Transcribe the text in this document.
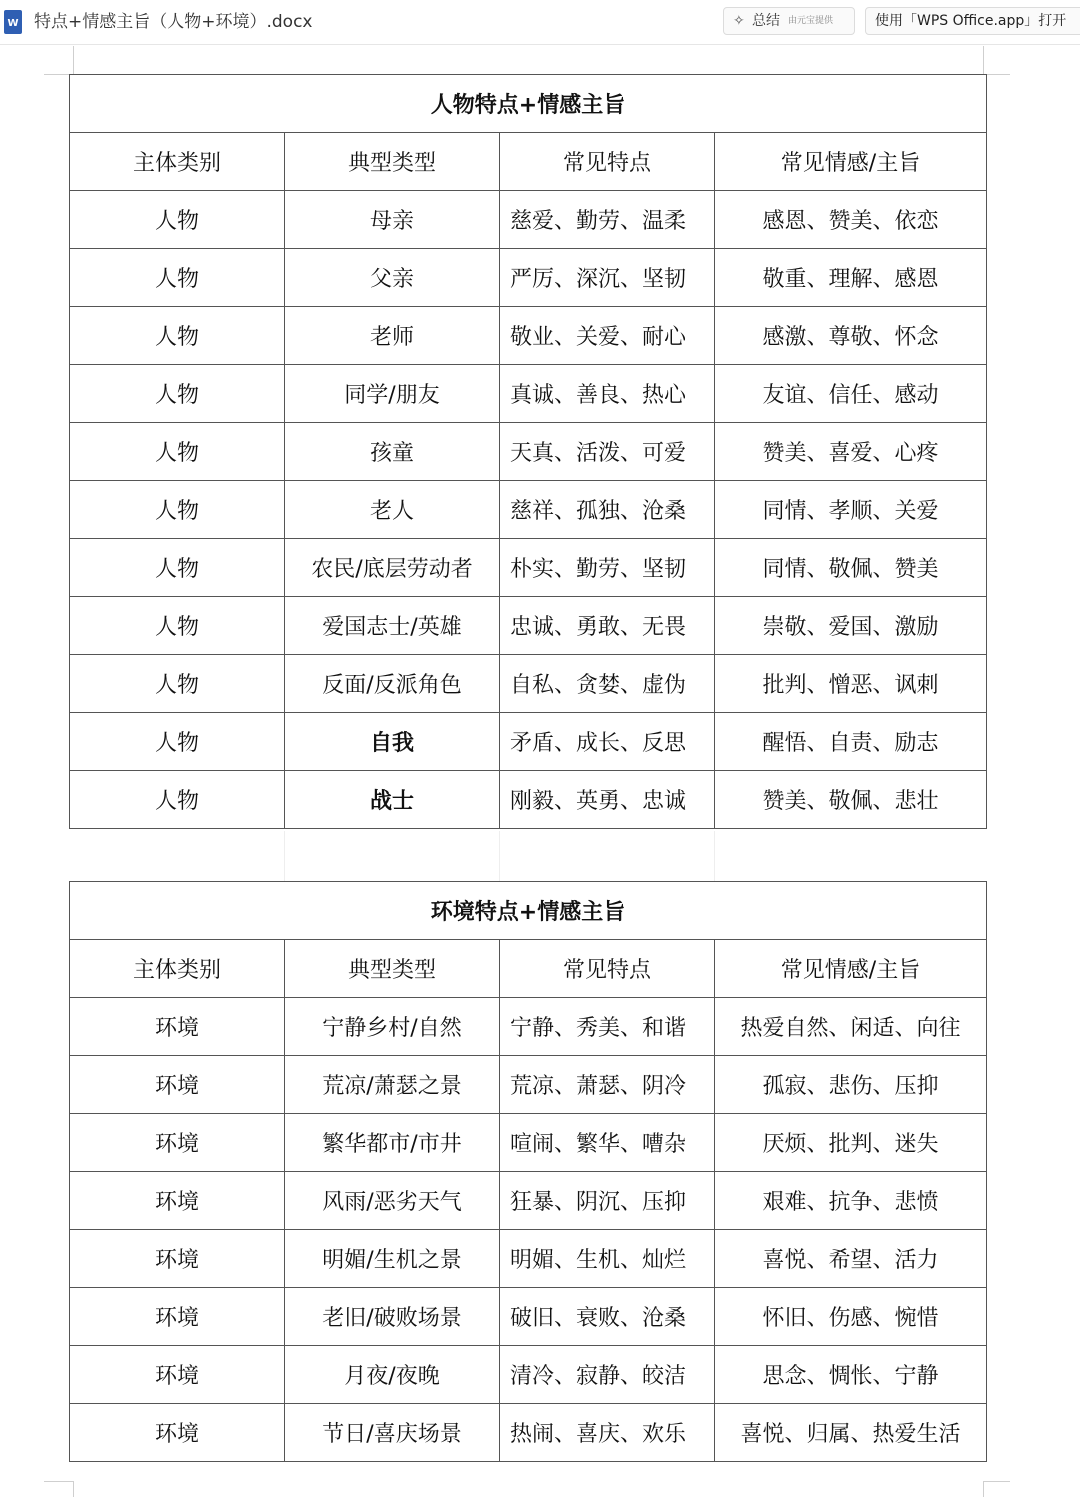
W 特点+情感主旨（人物+环境）.docx	✧ 总结 由元宝提供	使用「WPS Office.app」打开
人物特点+情感主旨			
主体类别	典型类型	常见特点	常见情感/主旨
人物	母亲	慈爱、勤劳、温柔	感恩、赞美、依恋
人物	父亲	严厉、深沉、坚韧	敬重、理解、感恩
人物	老师	敬业、关爱、耐心	感激、尊敬、怀念
人物	同学/朋友	真诚、善良、热心	友谊、信任、感动
人物	孩童	天真、活泼、可爱	赞美、喜爱、心疼
人物	老人	慈祥、孤独、沧桑	同情、孝顺、关爱
人物	农民/底层劳动者	朴实、勤劳、坚韧	同情、敬佩、赞美
人物	爱国志士/英雄	忠诚、勇敢、无畏	崇敬、爱国、激励
人物	反面/反派角色	自私、贪婪、虚伪	批判、憎恶、讽刺
人物	自我	矛盾、成长、反思	醒悟、自责、励志
人物	战士	刚毅、英勇、忠诚	赞美、敬佩、悲壮
环境特点+情感主旨			
主体类别	典型类型	常见特点	常见情感/主旨
环境	宁静乡村/自然	宁静、秀美、和谐	热爱自然、闲适、向往
环境	荒凉/萧瑟之景	荒凉、萧瑟、阴冷	孤寂、悲伤、压抑
环境	繁华都市/市井	喧闹、繁华、嘈杂	厌烦、批判、迷失
环境	风雨/恶劣天气	狂暴、阴沉、压抑	艰难、抗争、悲愤
环境	明媚/生机之景	明媚、生机、灿烂	喜悦、希望、活力
环境	老旧/破败场景	破旧、衰败、沧桑	怀旧、伤感、惋惜
环境	月夜/夜晚	清冷、寂静、皎洁	思念、惆怅、宁静
环境	节日/喜庆场景	热闹、喜庆、欢乐	喜悦、归属、热爱生活
